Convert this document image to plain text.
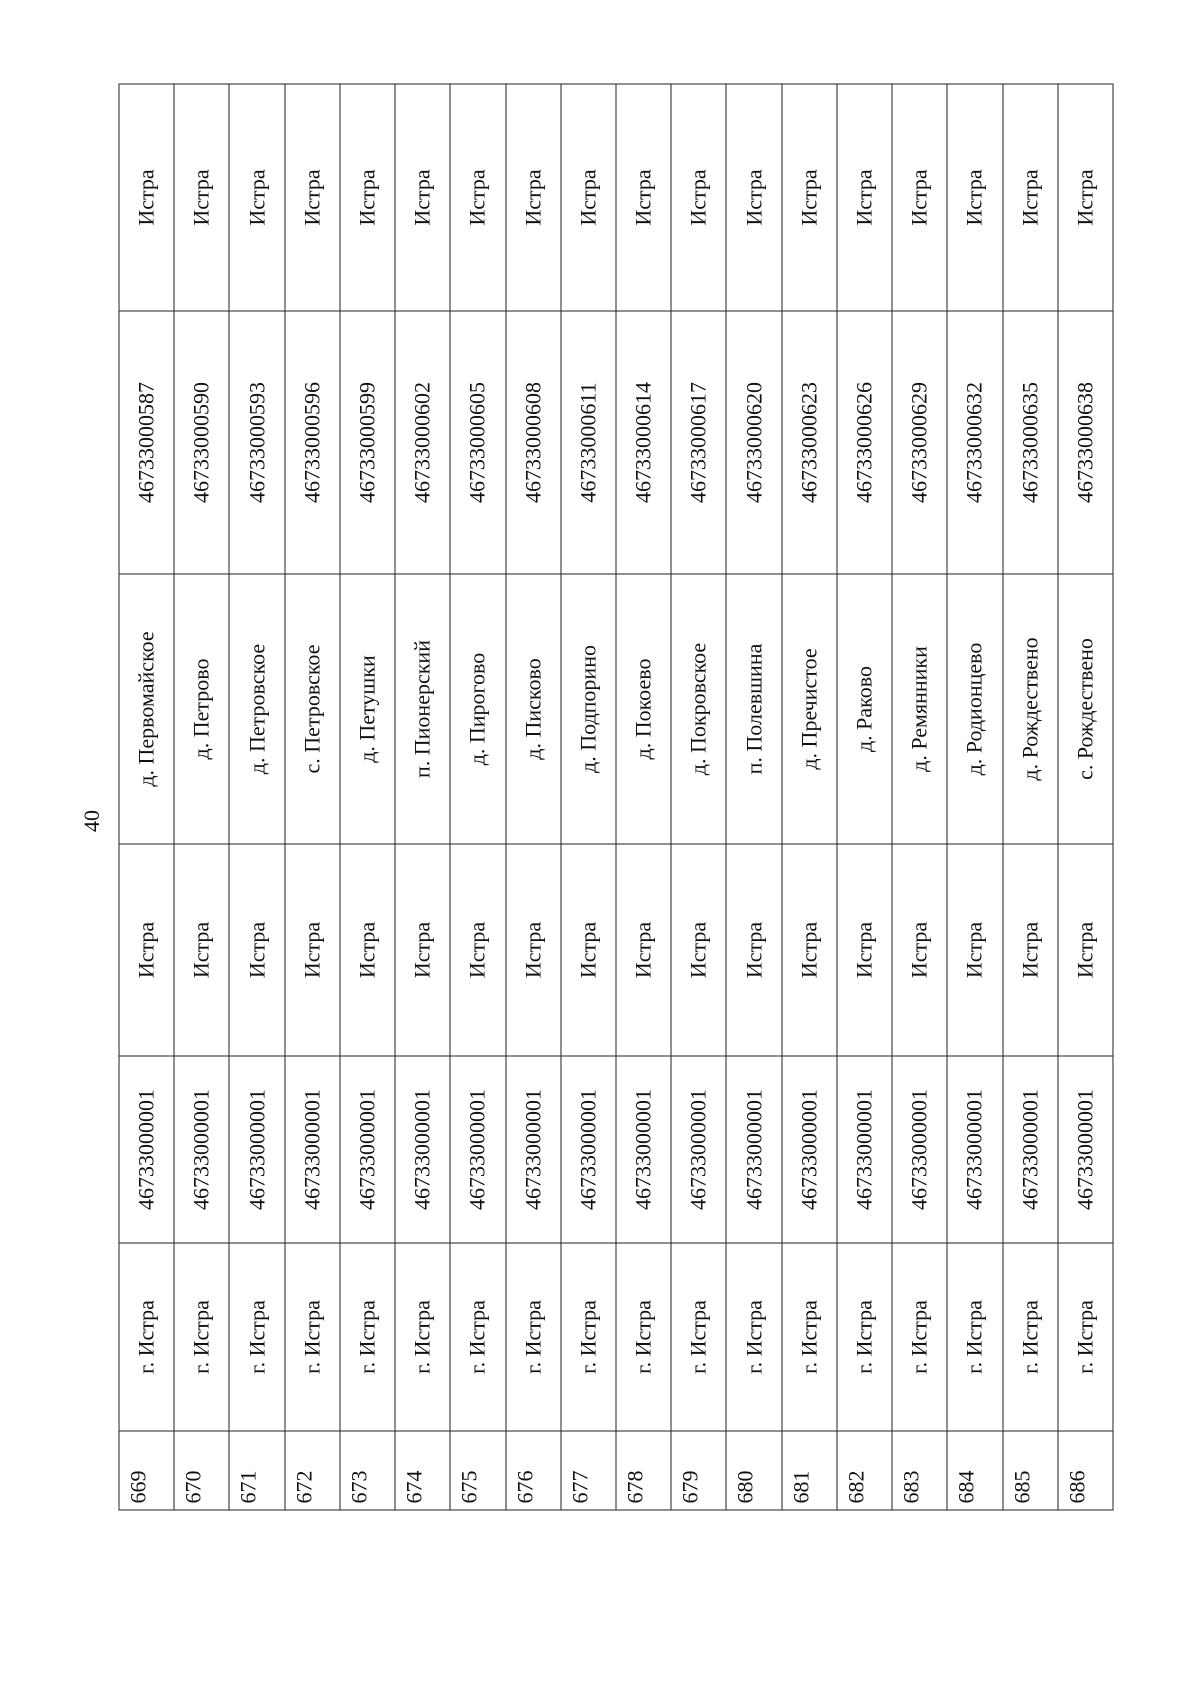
40
669	г. Истра	46733000001	Истра	д. Первомайское	46733000587	Истра
670	г. Истра	46733000001	Истра	д. Петрово	46733000590	Истра
671	г. Истра	46733000001	Истра	д. Петровское	46733000593	Истра
672	г. Истра	46733000001	Истра	с. Петровское	46733000596	Истра
673	г. Истра	46733000001	Истра	д. Петушки	46733000599	Истра
674	г. Истра	46733000001	Истра	п. Пионерский	46733000602	Истра
675	г. Истра	46733000001	Истра	д. Пирогово	46733000605	Истра
676	г. Истра	46733000001	Истра	д. Писково	46733000608	Истра
677	г. Истра	46733000001	Истра	д. Подпорино	46733000611	Истра
678	г. Истра	46733000001	Истра	д. Покоево	46733000614	Истра
679	г. Истра	46733000001	Истра	д. Покровское	46733000617	Истра
680	г. Истра	46733000001	Истра	п. Полевшина	46733000620	Истра
681	г. Истра	46733000001	Истра	д. Пречистое	46733000623	Истра
682	г. Истра	46733000001	Истра	д. Раково	46733000626	Истра
683	г. Истра	46733000001	Истра	д. Ремянники	46733000629	Истра
684	г. Истра	46733000001	Истра	д. Родионцево	46733000632	Истра
685	г. Истра	46733000001	Истра	д. Рождествено	46733000635	Истра
686	г. Истра	46733000001	Истра	с. Рождествено	46733000638	Истра
